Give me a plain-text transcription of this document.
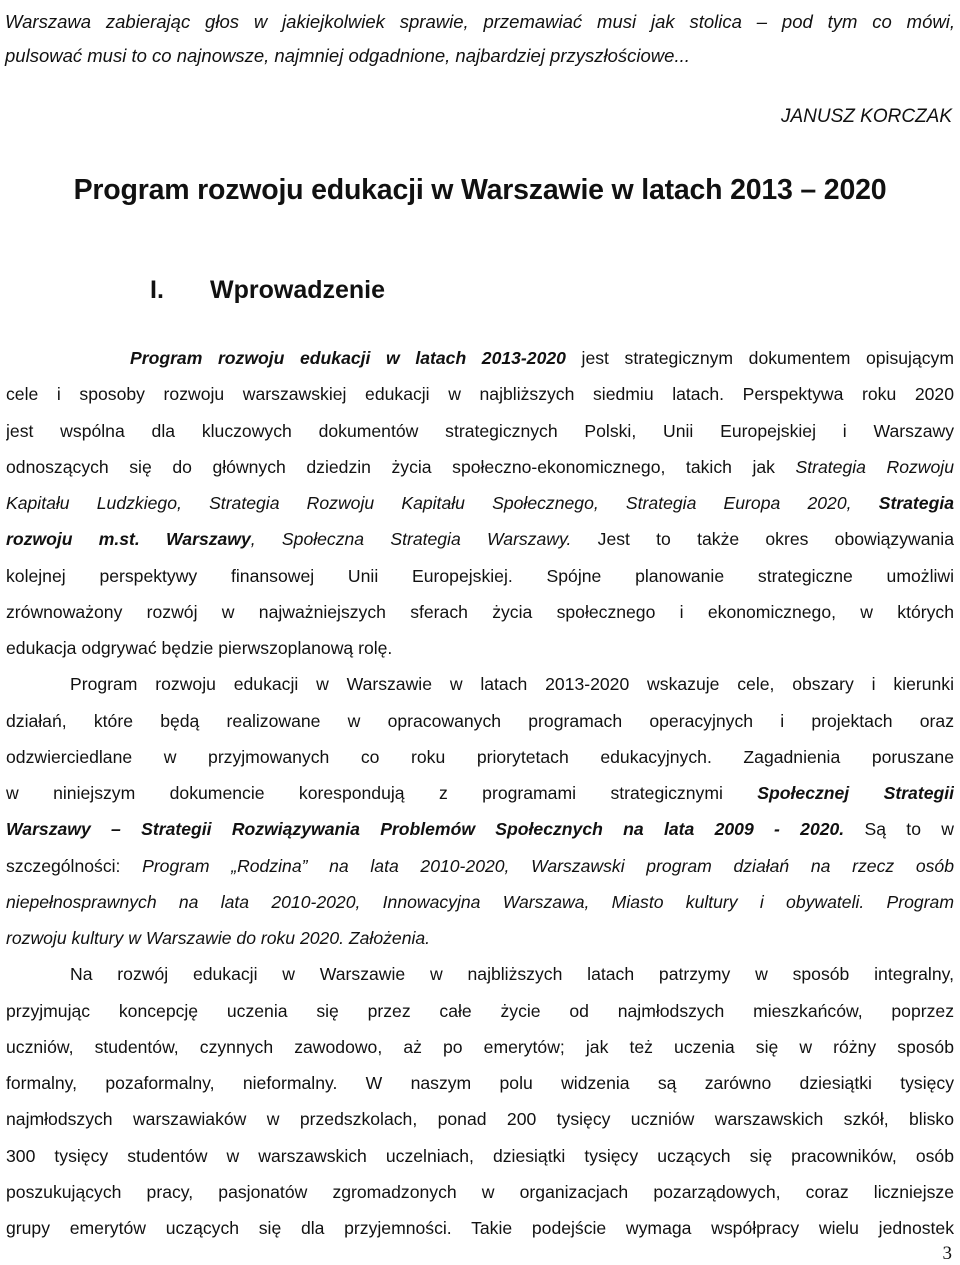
Warszawa zabierając głos w jakiejkolwiek sprawie, przemawiać musi jak stolica – pod tym co mówi,
pulsować musi to co najnowsze, najmniej odgadnione, najbardziej przyszłościowe...
JANUSZ KORCZAK
Program rozwoju edukacji w Warszawie w latach 2013 – 2020
I. Wprowadzenie
Program rozwoju edukacji w latach 2013-2020 jest strategicznym dokumentem opisującym
cele i sposoby rozwoju warszawskiej edukacji w najbliższych siedmiu latach. Perspektywa roku 2020
jest wspólna dla kluczowych dokumentów strategicznych Polski, Unii Europejskiej i Warszawy
odnoszących się do głównych dziedzin życia społeczno-ekonomicznego, takich jak Strategia Rozwoju
Kapitału Ludzkiego, Strategia Rozwoju Kapitału Społecznego, Strategia Europa 2020, Strategia
rozwoju m.st. Warszawy, Społeczna Strategia Warszawy. Jest to także okres obowiązywania
kolejnej perspektywy finansowej Unii Europejskiej. Spójne planowanie strategiczne umożliwi
zrównoważony rozwój w najważniejszych sferach życia społecznego i ekonomicznego, w których
edukacja odgrywać będzie pierwszoplanową rolę.
Program rozwoju edukacji w Warszawie w latach 2013-2020 wskazuje cele, obszary i kierunki
działań, które będą realizowane w opracowanych programach operacyjnych i projektach oraz
odzwierciedlane w przyjmowanych co roku priorytetach edukacyjnych. Zagadnienia poruszane
w niniejszym dokumencie korespondują z programami strategicznymi Społecznej Strategii
Warszawy – Strategii Rozwiązywania Problemów Społecznych na lata 2009 - 2020. Są to w
szczególności: Program „Rodzina” na lata 2010-2020, Warszawski program działań na rzecz osób
niepełnosprawnych na lata 2010-2020, Innowacyjna Warszawa, Miasto kultury i obywateli. Program
rozwoju kultury w Warszawie do roku 2020. Założenia.
Na rozwój edukacji w Warszawie w najbliższych latach patrzymy w sposób integralny,
przyjmując koncepcję uczenia się przez całe życie od najmłodszych mieszkańców, poprzez
uczniów, studentów, czynnych zawodowo, aż po emerytów; jak też uczenia się w różny sposób
formalny, pozaformalny, nieformalny. W naszym polu widzenia są zarówno dziesiątki tysięcy
najmłodszych warszawiaków w przedszkolach, ponad 200 tysięcy uczniów warszawskich szkół, blisko
300 tysięcy studentów w warszawskich uczelniach, dziesiątki tysięcy uczących się pracowników, osób
poszukujących pracy, pasjonatów zgromadzonych w organizacjach pozarządowych, coraz liczniejsze
grupy emerytów uczących się dla przyjemności. Takie podejście wymaga współpracy wielu jednostek
3
